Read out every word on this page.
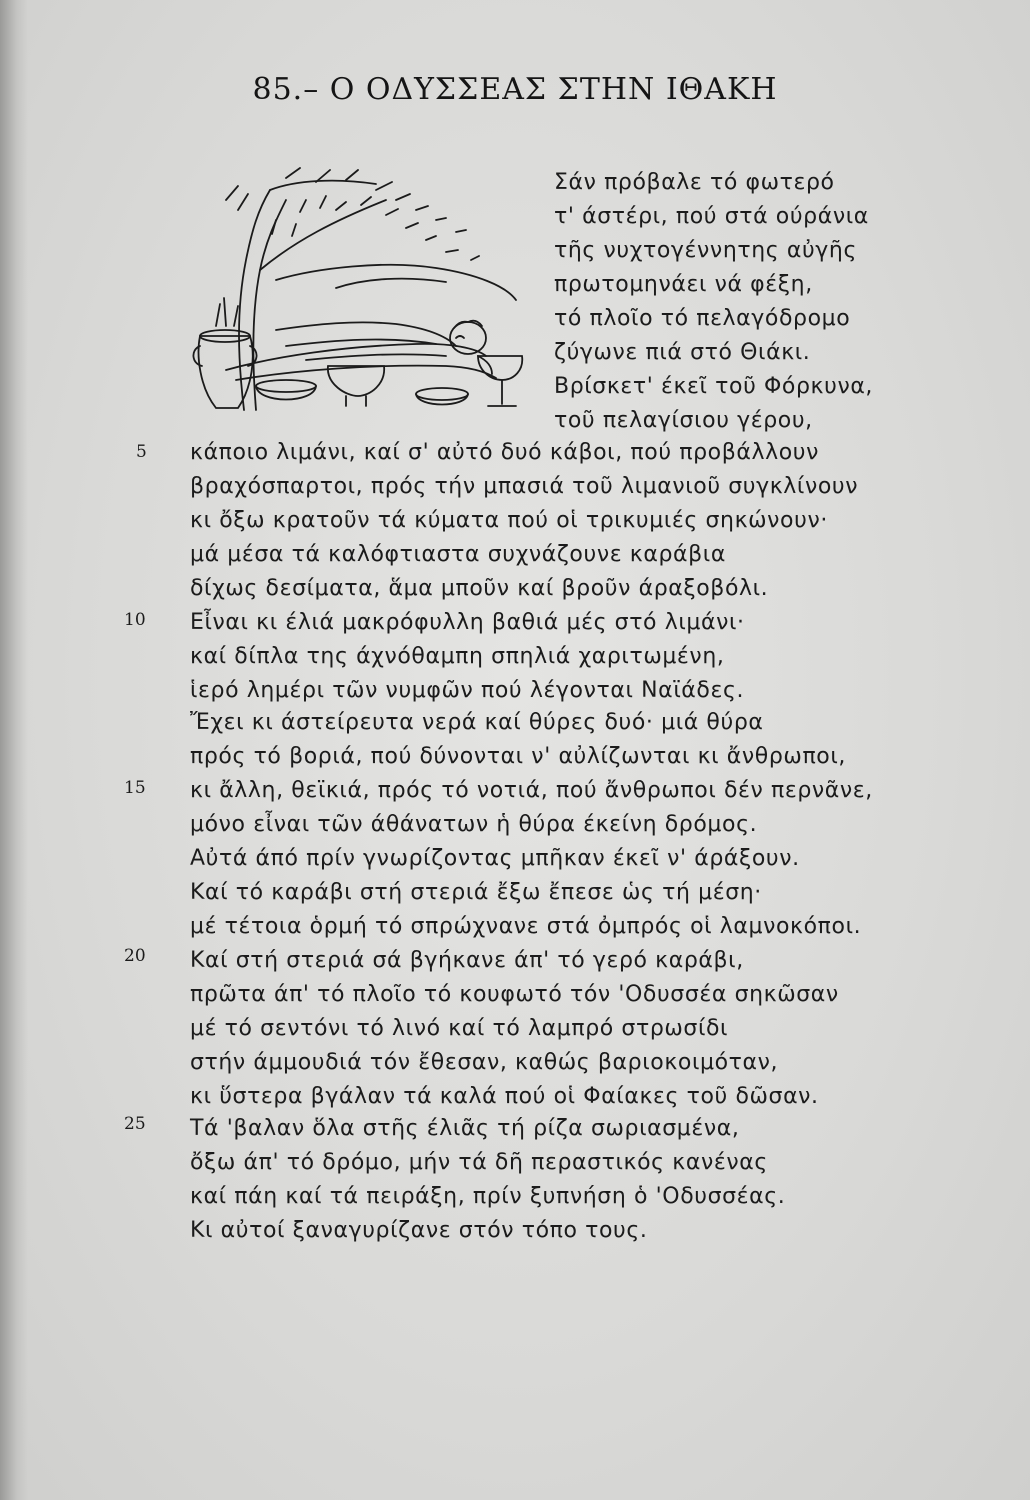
85.– Ο ΟΔΥΣΣΕΑΣ ΣΤΗΝ ΙΘΑΚΗ
Σάν πρόβαλε τό φωτερό
τ' άστέρι, πού στά ούράνια
τῆς νυχτογέννητης αὐγῆς
πρωτομηνάει νά φέξη,
τό πλοῖο τό πελαγόδρομο
ζύγωνε πιά στό Θιάκι.
Βρίσκετ' έκεῖ τοῦ Φόρκυνα,
τοῦ πελαγίσιου γέρου,
κάποιο λιμάνι, καί σ' αὐτό δυό κάβοι, πού προβάλλουν
βραχόσπαρτοι, πρός τήν μπασιά τοῦ λιμανιοῦ συγκλίνουν
κι ὄξω κρατοῦν τά κύματα πού οἱ τρικυμιές σηκώνουν·
μά μέσα τά καλόφτιαστα συχνάζουνε καράβια
δίχως δεσίματα, ἅμα μποῦν καί βροῦν άραξοβόλι.
Εἶναι κι έλιά μακρόφυλλη βαθιά μές στό λιμάνι·
καί δίπλα της άχνόθαμπη σπηλιά χαριτωμένη,
ἱερό λημέρι τῶν νυμφῶν πού λέγονται Ναϊάδες.
Ἔχει κι άστείρευτα νερά καί θύρες δυό· μιά θύρα
πρός τό βοριά, πού δύνονται ν' αὐλίζωνται κι ἄνθρωποι,
κι ἄλλη, θεϊκιά, πρός τό νοτιά, πού ἄνθρωποι δέν περνᾶνε,
μόνο εἶναι τῶν άθάνατων ἡ θύρα έκείνη δρόμος.
Αὐτά άπό πρίν γνωρίζοντας μπῆκαν έκεῖ ν' άράξουν.
Καί τό καράβι στή στεριά ἔξω ἔπεσε ὡς τή μέση·
μέ τέτοια ὁρμή τό σπρώχνανε στά ὀμπρός οἱ λαμνοκόποι.
Καί στή στεριά σά βγήκανε άπ' τό γερό καράβι,
πρῶτα άπ' τό πλοῖο τό κουφωτό τόν 'Οδυσσέα σηκῶσαν
μέ τό σεντόνι τό λινό καί τό λαμπρό στρωσίδι
στήν άμμουδιά τόν ἔθεσαν, καθώς βαριοκοιμόταν,
κι ὕστερα βγάλαν τά καλά πού οἱ Φαίακες τοῦ δῶσαν.
Τά 'βαλαν ὅλα στῆς έλιᾶς τή ρίζα σωριασμένα,
ὄξω άπ' τό δρόμο, μήν τά δῆ περαστικός κανένας
καί πάη καί τά πειράξη, πρίν ξυπνήση ὁ 'Οδυσσέας.
Κι αὐτοί ξαναγυρίζανε στόν τόπο τους.
5
10
15
20
25
